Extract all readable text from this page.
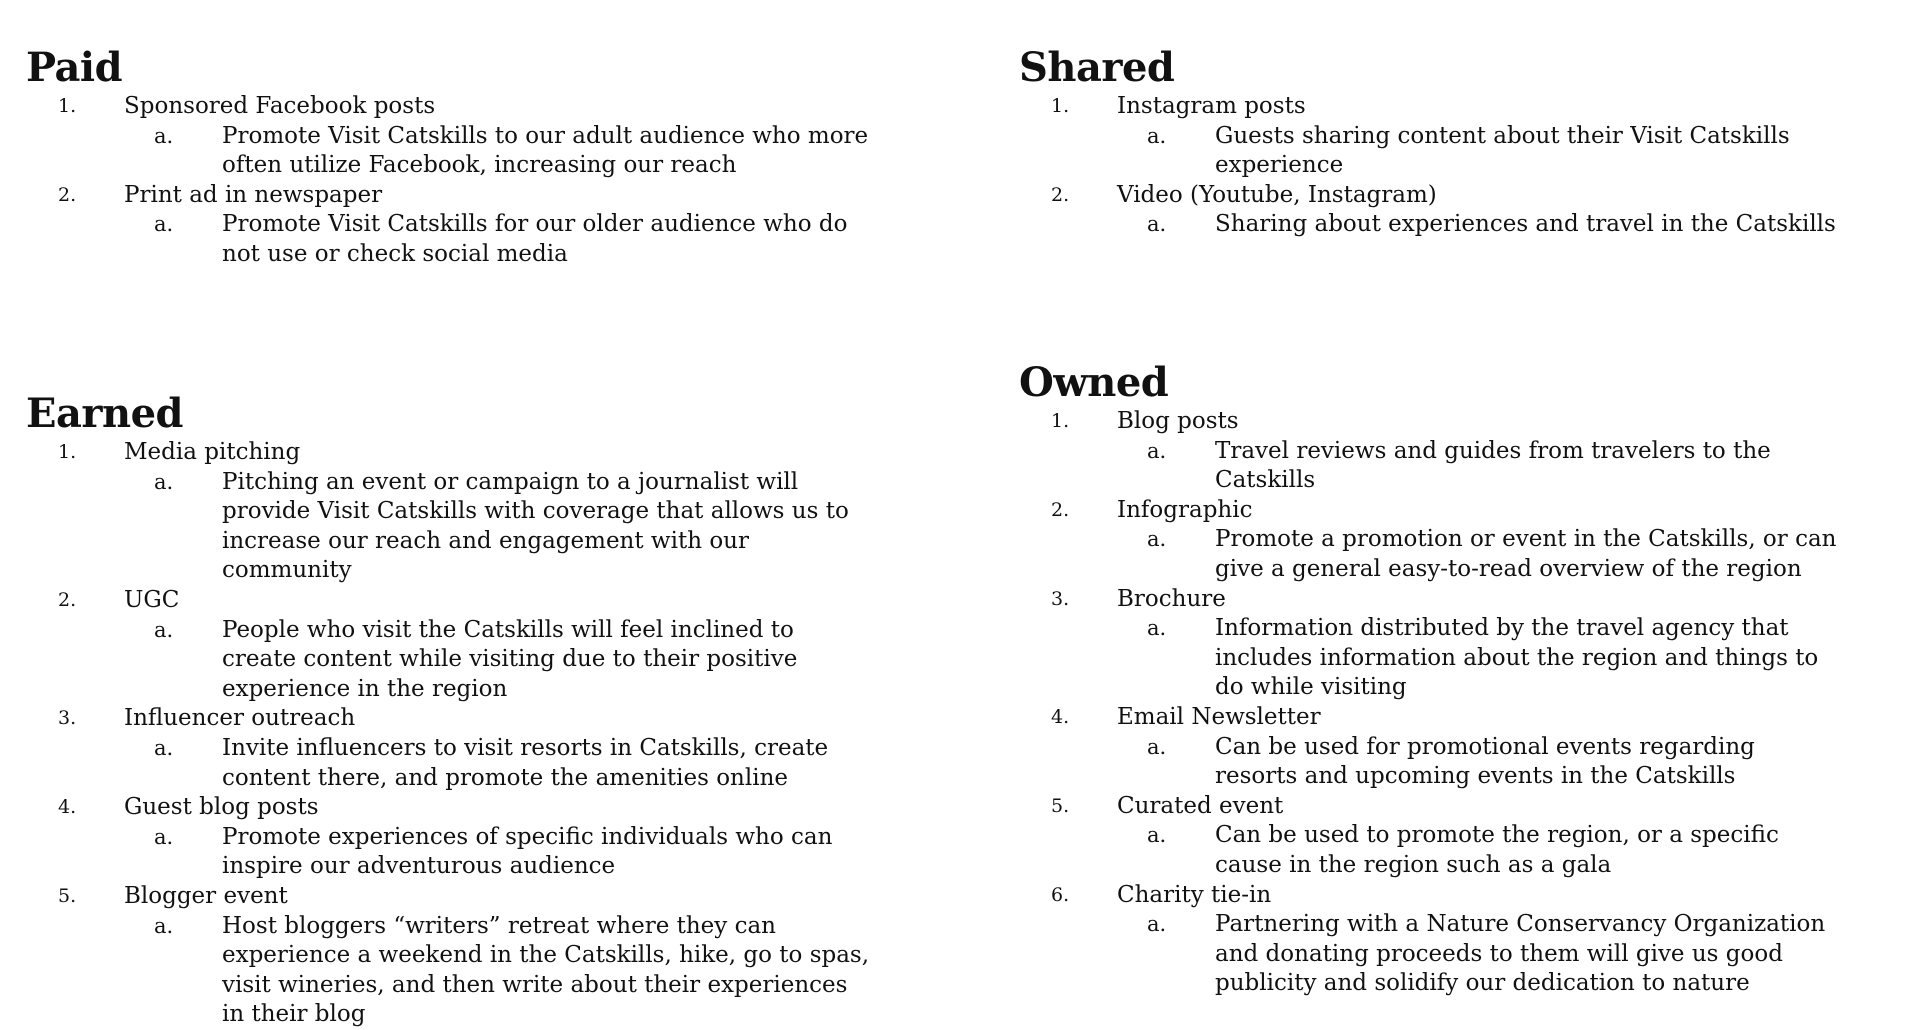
Paid
1. Sponsored Facebook posts
a. Promote Visit Catskills to our adult audience who more often utilize Facebook, increasing our reach
2. Print ad in newspaper
a. Promote Visit Catskills for our older audience who do not use or check social media
Shared
1. Instagram posts
a. Guests sharing content about their Visit Catskills experience
2. Video (Youtube, Instagram)
a. Sharing about experiences and travel in the Catskills
Earned
1. Media pitching
a. Pitching an event or campaign to a journalist will provide Visit Catskills with coverage that allows us to increase our reach and engagement with our community
2. UGC
a. People who visit the Catskills will feel inclined to create content while visiting due to their positive experience in the region
3. Influencer outreach
a. Invite influencers to visit resorts in Catskills, create content there, and promote the amenities online
4. Guest blog posts
a. Promote experiences of specific individuals who can inspire our adventurous audience
5. Blogger event
a. Host bloggers “writers” retreat where they can experience a weekend in the Catskills, hike, go to spas, visit wineries, and then write about their experiences in their blog
Owned
1. Blog posts
a. Travel reviews and guides from travelers to the Catskills
2. Infographic
a. Promote a promotion or event in the Catskills, or can give a general easy-to-read overview of the region
3. Brochure
a. Information distributed by the travel agency that includes information about the region and things to do while visiting
4. Email Newsletter
a. Can be used for promotional events regarding resorts and upcoming events in the Catskills
5. Curated event
a. Can be used to promote the region, or a specific cause in the region such as a gala
6. Charity tie-in
a. Partnering with a Nature Conservancy Organization and donating proceeds to them will give us good publicity and solidify our dedication to nature
